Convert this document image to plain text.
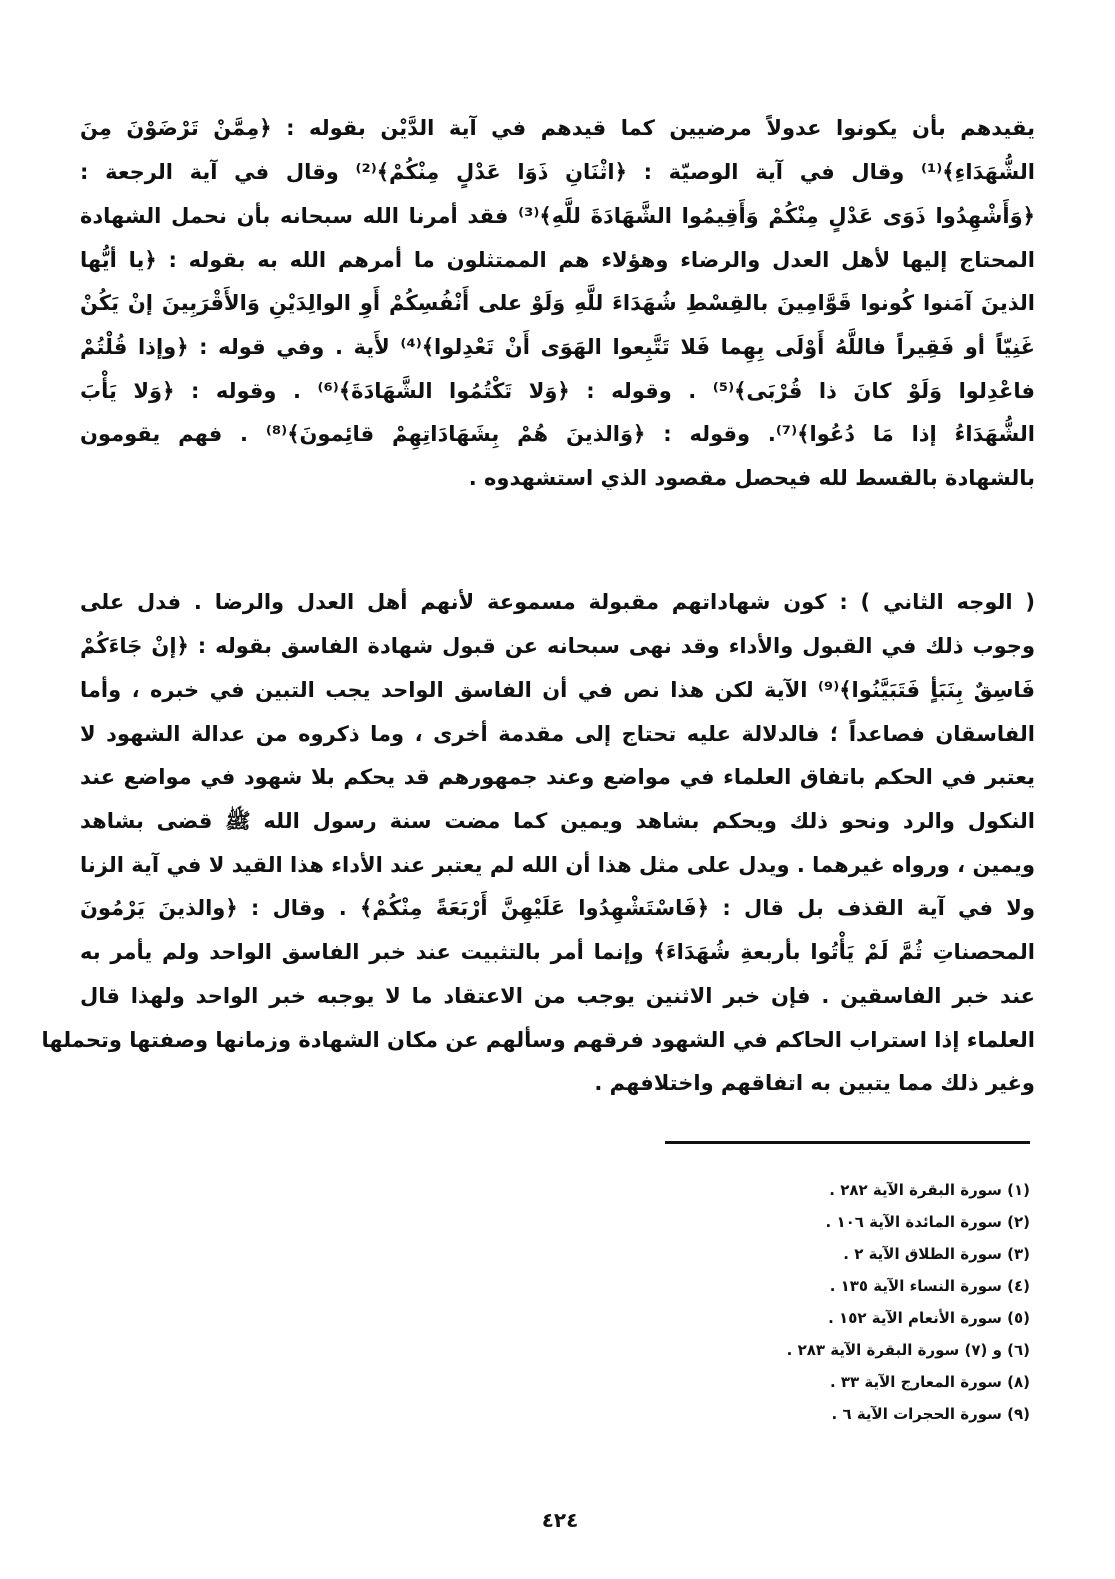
يقيدهم بأن يكونوا عدولاً مرضيين كما قيدهم في آية الدَّيْن بقوله : ﴿مِمَّنْ تَرْضَوْنَ مِنَ
الشُّهَدَاءِ﴾⁽¹⁾ وقال في آية الوصيّة : ﴿اثْنَانِ ذَوَا عَدْلٍ مِنْكُمْ﴾⁽²⁾ وقال في آية الرجعة :
﴿وَأَشْهِدُوا ذَوَى عَدْلٍ مِنْكُمْ وَأَقِيمُوا الشَّهَادَةَ للَّهِ﴾⁽³⁾ فقد أمرنا الله سبحانه بأن نحمل الشهادة
المحتاج إليها لأهل العدل والرضاء وهؤلاء هم الممتثلون ما أمرهم الله به بقوله : ﴿يا أيُّها
الذينَ آمَنوا كُونوا قَوَّامِينَ بالقِسْطِ شُهَدَاءَ للَّهِ وَلَوْ على أَنْفُسِكُمْ أَوِ الوالِدَيْنِ وَالأَقْرَبِينَ إنْ يَكُنْ
غَنِيّاً أو فَقِيراً فاللَّهُ أَوْلَى بِهِما فَلا تَتَّبِعوا الهَوَى أَنْ تَعْدِلوا﴾⁽⁴⁾ لأَية . وفي قوله : ﴿وإذا قُلْتُمْ
فاعْدِلوا وَلَوْ كانَ ذا قُرْبَى﴾⁽⁵⁾ . وقوله : ﴿وَلا تَكْتُمُوا الشَّهَادَةَ﴾⁽⁶⁾ . وقوله : ﴿وَلا يَأْبَ
الشُّهَدَاءُ إذا مَا دُعُوا﴾⁽⁷⁾. وقوله : ﴿وَالذينَ هُمْ بِشَهَادَاتِهِمْ قائِمونَ﴾⁽⁸⁾ . فهم يقومون
بالشهادة بالقسط لله فيحصل مقصود الذي استشهدوه .
( الوجه الثاني ) : كون شهاداتهم مقبولة مسموعة لأنهم أهل العدل والرضا . فدل على
وجوب ذلك في القبول والأداء وقد نهى سبحانه عن قبول شهادة الفاسق بقوله : ﴿إنْ جَاءَكُمْ
فَاسِقٌ بِنَبَأٍ فَتَبَيَّنُوا﴾⁽⁹⁾ الآية لكن هذا نص في أن الفاسق الواحد يجب التبين في خبره ، وأما
الفاسقان فصاعداً ؛ فالدلالة عليه تحتاج إلى مقدمة أخرى ، وما ذكروه من عدالة الشهود لا
يعتبر في الحكم باتفاق العلماء في مواضع وعند جمهورهم قد يحكم بلا شهود في مواضع عند
النكول والرد ونحو ذلك ويحكم بشاهد ويمين كما مضت سنة رسول الله ﷺ قضى بشاهد
ويمين ، ورواه غيرهما . ويدل على مثل هذا أن الله لم يعتبر عند الأداء هذا القيد لا في آية الزنا
ولا في آية القذف بل قال : ﴿فَاسْتَشْهِدُوا عَلَيْهِنَّ أَرْبَعَةً مِنْكُمْ﴾ . وقال : ﴿والذينَ يَرْمُونَ
المحصناتِ ثُمَّ لَمْ يَأْتُوا بأربعةِ شُهَدَاءَ﴾ وإنما أمر بالتثبيت عند خبر الفاسق الواحد ولم يأمر به
عند خبر الفاسقين . فإن خبر الاثنين يوجب من الاعتقاد ما لا يوجبه خبر الواحد ولهذا قال
العلماء إذا استراب الحاكم في الشهود فرقهم وسألهم عن مكان الشهادة وزمانها وصفتها وتحملها
وغير ذلك مما يتبين به اتفاقهم واختلافهم .
(١) سورة البقرة الآية ٢٨٢ .
(٢) سورة المائدة الآية ١٠٦ .
(٣) سورة الطلاق الآية ٢ .
(٤) سورة النساء الآية ١٣٥ .
(٥) سورة الأنعام الآية ١٥٢ .
(٦) و (٧) سورة البقرة الآية ٢٨٣ .
(٨) سورة المعارج الآية ٣٣ .
(٩) سورة الحجرات الآية ٦ .
٤٢٤
